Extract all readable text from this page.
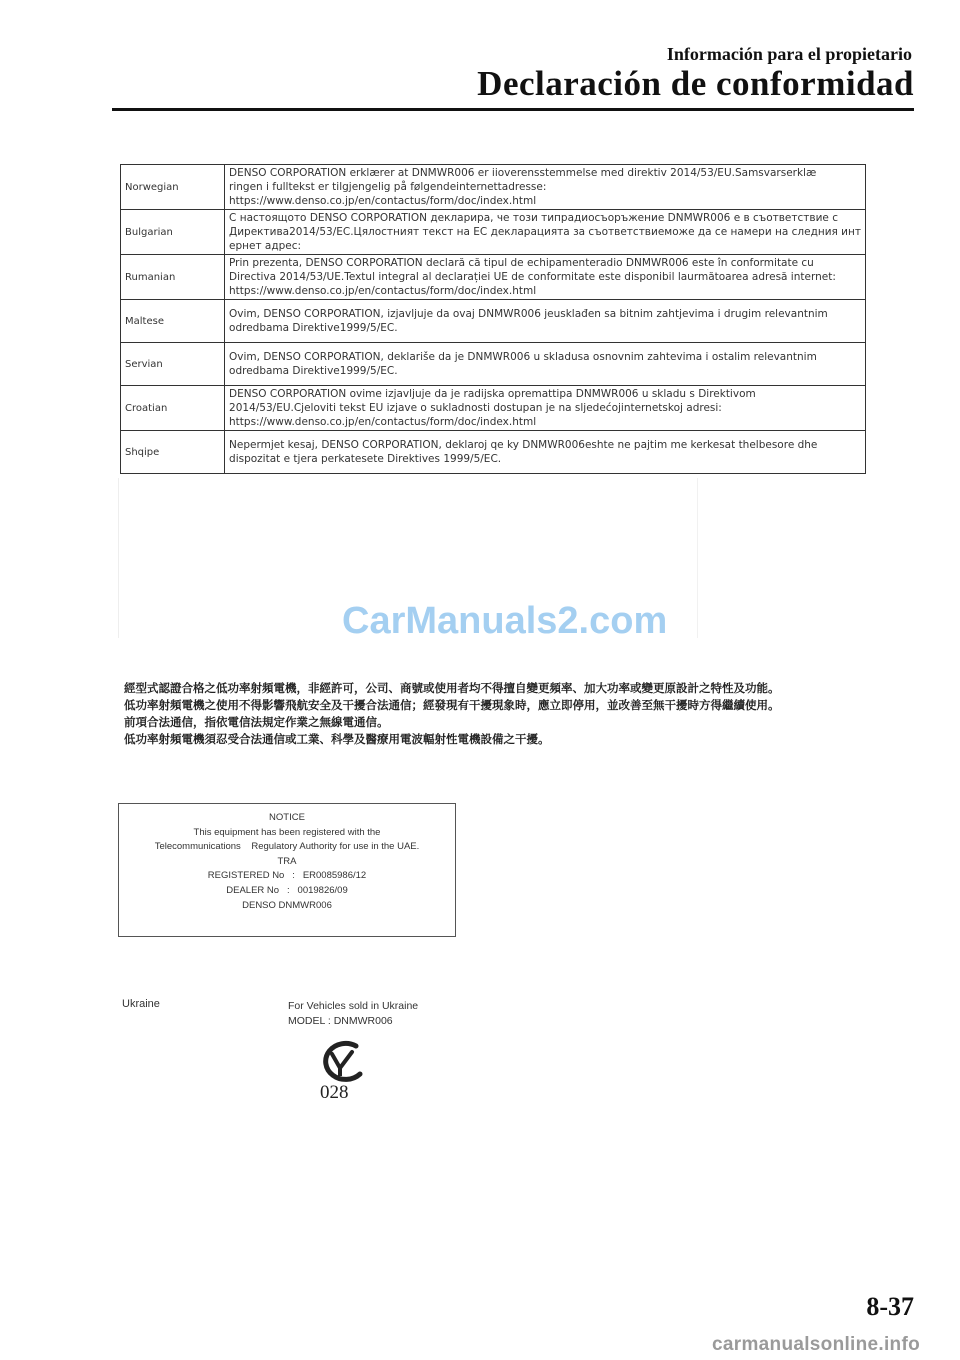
Información para el propietario
Declaración de conformidad
Norwegian	DENSO CORPORATION erklærer at DNMWR006 er iioverensstemmelse med direktiv 2014/53/EU.Samsvarserklæ
ringen i fulltekst er tilgjengelig på følgendeinternettadresse:
https://www.denso.co.jp/en/contactus/form/doc/index.html

Bulgarian	С настоящото DENSO CORPORATION декларира, че този типрадиосъоръжение DNMWR006 е в съответствие с
Директива2014/53/ЕС.Цялостният текст на ЕС декларацията за съответствиеможе да се намери на следния инт
ернет адрес:

Rumanian	Prin prezenta, DENSO CORPORATION declară că tipul de echipamenteradio DNMWR006 este în conformitate cu
Directiva 2014/53/UE.Textul integral al declarației UE de conformitate este disponibil laurmătoarea adresă internet:
https://www.denso.co.jp/en/contactus/form/doc/index.html

Maltese	Ovim, DENSO CORPORATION, izjavljuje da ovaj DNMWR006 jeusklađen sa bitnim zahtjevima i drugim relevantnim
odredbama Direktive1999/5/EC.

Servian	Ovim, DENSO CORPORATION, deklariše da je DNMWR006 u skladusa osnovnim zahtevima i ostalim relevantnim
odredbama Direktive1999/5/EC.

Croatian	DENSO CORPORATION ovime izjavljuje da je radijska opremattipa DNMWR006 u skladu s Direktivom
2014/53/EU.Cjeloviti tekst EU izjave o sukladnosti dostupan je na sljedećojinternetskoj adresi:
https://www.denso.co.jp/en/contactus/form/doc/index.html

Shqipe	Nepermjet kesaj, DENSO CORPORATION, deklaroj qe ky DNMWR006eshte ne pajtim me kerkesat thelbesore dhe
dispozitat e tjera perkatesete Direktives 1999/5/EC.
CarManuals2.com
經型式認證合格之低功率射頻電機，非經許可，公司、商號或使用者均不得擅自變更頻率、加大功率或變更原設計之特性及功能。
低功率射頻電機之使用不得影響飛航安全及干擾合法通信；經發現有干擾現象時，應立即停用，並改善至無干擾時方得繼續使用。
前項合法通信，指依電信法規定作業之無線電通信。
低功率射頻電機須忍受合法通信或工業、科學及醫療用電波輻射性電機設備之干擾。
NOTICE
This equipment has been registered with the
Telecommunications    Regulatory Authority for use in the UAE.
TRA
REGISTERED No   :   ER0085986/12
DEALER No   :   0019826/09
DENSO DNMWR006
Ukraine	For Vehicles sold in Ukraine
MODEL : DNMWR006
028
8-37
carmanualsonline.info
